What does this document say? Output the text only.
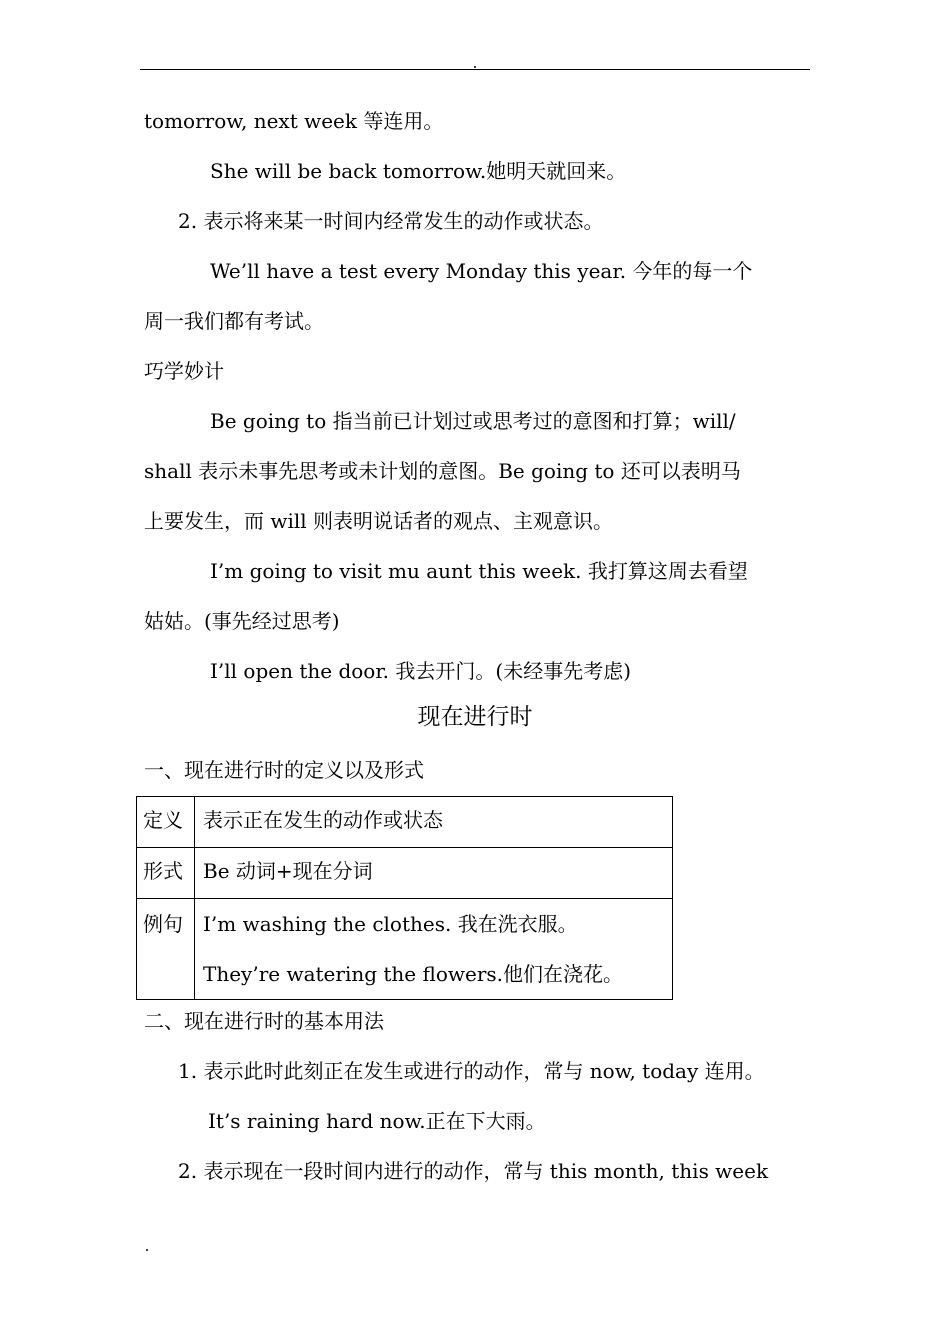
tomorrow, next week 等连用。
She will be back tomorrow.她明天就回来。
2. 表示将来某一时间内经常发生的动作或状态。
We’ll have a test every Monday this year. 今年的每一个
周一我们都有考试。
巧学妙计
Be going to 指当前已计划过或思考过的意图和打算；will/
shall 表示未事先思考或未计划的意图。Be going to 还可以表明马
上要发生，而 will 则表明说话者的观点、主观意识。
I’m going to visit mu aunt this week. 我打算这周去看望
姑姑。(事先经过思考)
I’ll open the door. 我去开门。(未经事先考虑)
现在进行时
一、现在进行时的定义以及形式
定义	表示正在发生的动作或状态
形式	Be 动词+现在分词
例句	I’m washing the clothes. 我在洗衣服。
They’re watering the flowers.他们在浇花。
二、现在进行时的基本用法
1. 表示此时此刻正在发生或进行的动作，常与 now, today 连用。
It’s raining hard now.正在下大雨。
2. 表示现在一段时间内进行的动作，常与 this month, this week
